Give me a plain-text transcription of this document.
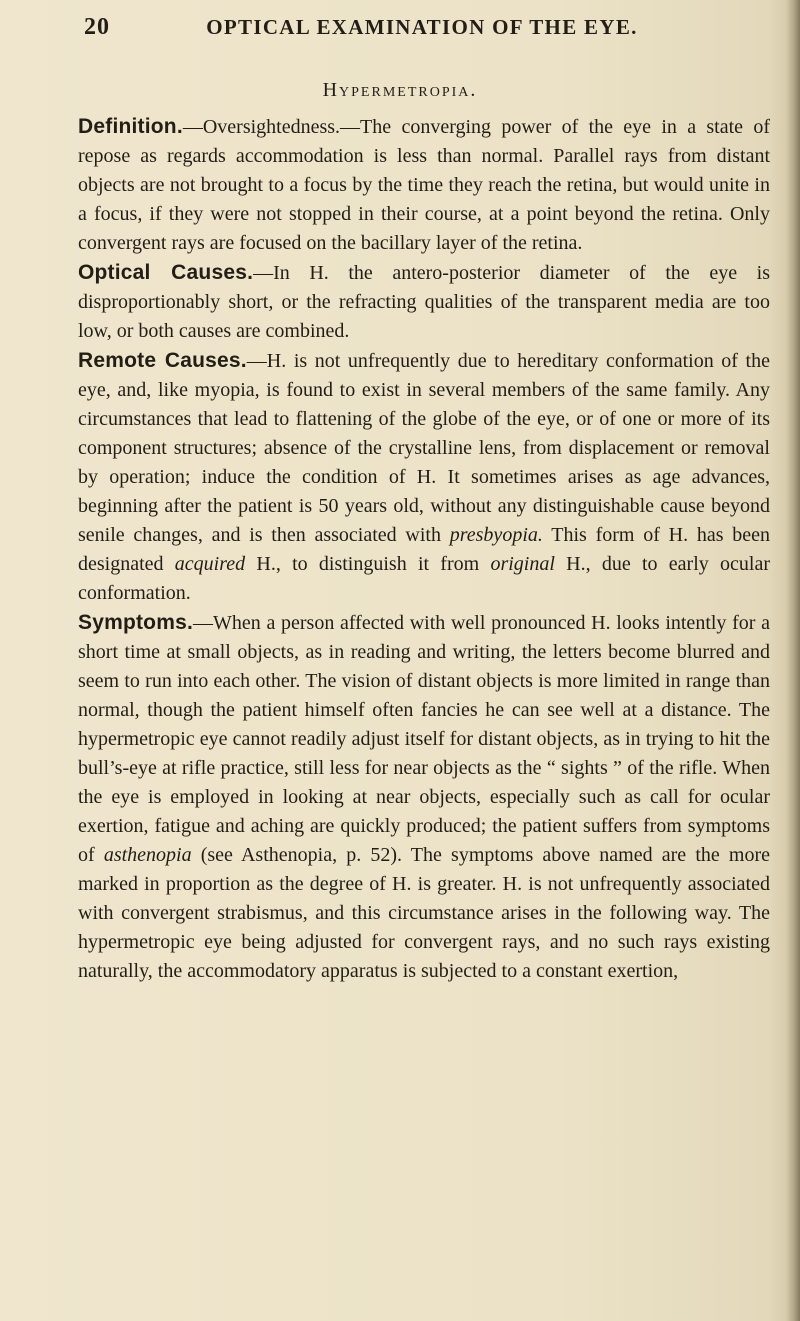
20	OPTICAL EXAMINATION OF THE EYE.
Hypermetropia.

Definition.—Oversightedness.—The converging power of the eye in a state of repose as regards accommodation is less than normal. Parallel rays from distant objects are not brought to a focus by the time they reach the retina, but would unite in a focus, if they were not stopped in their course, at a point beyond the retina. Only convergent rays are focused on the bacillary layer of the retina.

Optical Causes.—In H. the antero-posterior diameter of the eye is disproportionably short, or the refracting qualities of the transparent media are too low, or both causes are combined.

Remote Causes.—H. is not unfrequently due to hereditary conformation of the eye, and, like myopia, is found to exist in several members of the same family. Any circumstances that lead to flattening of the globe of the eye, or of one or more of its component structures; absence of the crystalline lens, from displacement or removal by operation; induce the condition of H. It sometimes arises as age advances, beginning after the patient is 50 years old, without any distinguishable cause beyond senile changes, and is then associated with presbyopia. This form of H. has been designated acquired H., to distinguish it from original H., due to early ocular conformation.

Symptoms.—When a person affected with well pronounced H. looks intently for a short time at small objects, as in reading and writing, the letters become blurred and seem to run into each other. The vision of distant objects is more limited in range than normal, though the patient himself often fancies he can see well at a distance. The hypermetropic eye cannot readily adjust itself for distant objects, as in trying to hit the bull’s-eye at rifle practice, still less for near objects as the “ sights ” of the rifle. When the eye is employed in looking at near objects, especially such as call for ocular exertion, fatigue and aching are quickly produced; the patient suffers from symptoms of asthenopia (see Asthenopia, p. 52). The symptoms above named are the more marked in proportion as the degree of H. is greater. H. is not unfrequently associated with convergent strabismus, and this circumstance arises in the following way. The hypermetropic eye being adjusted for convergent rays, and no such rays existing naturally, the accommodatory apparatus is subjected to a constant exertion,
